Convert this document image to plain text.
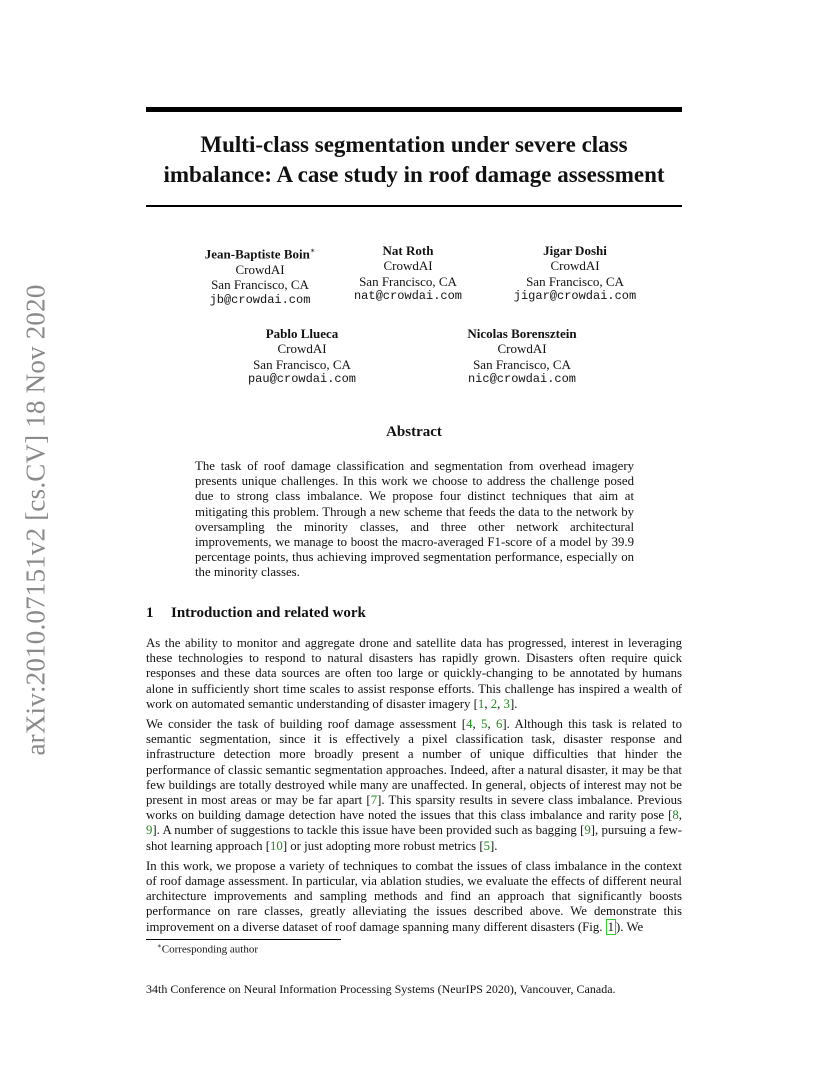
arXiv:2010.07151v2 [cs.CV] 18 Nov 2020
Multi-class segmentation under severe class
imbalance: A case study in roof damage assessment
Jean-Baptiste Boin∗
CrowdAI
San Francisco, CA
jb@crowdai.com
Nat Roth
CrowdAI
San Francisco, CA
nat@crowdai.com
Jigar Doshi
CrowdAI
San Francisco, CA
jigar@crowdai.com
Pablo Llueca
CrowdAI
San Francisco, CA
pau@crowdai.com
Nicolas Borensztein
CrowdAI
San Francisco, CA
nic@crowdai.com
Abstract
The task of roof damage classification and segmentation from overhead imagery presents unique challenges. In this work we choose to address the challenge posed due to strong class imbalance. We propose four distinct techniques that aim at mitigating this problem. Through a new scheme that feeds the data to the network by oversampling the minority classes, and three other network architectural improvements, we manage to boost the macro-averaged F1-score of a model by 39.9 percentage points, thus achieving improved segmentation performance, especially on the minority classes.
1 Introduction and related work

As the ability to monitor and aggregate drone and satellite data has progressed, interest in leveraging these technologies to respond to natural disasters has rapidly grown. Disasters often require quick responses and these data sources are often too large or quickly-changing to be annotated by humans alone in sufficiently short time scales to assist response efforts. This challenge has inspired a wealth of work on automated semantic understanding of disaster imagery [1, 2, 3].

We consider the task of building roof damage assessment [4, 5, 6]. Although this task is related to semantic segmentation, since it is effectively a pixel classification task, disaster response and infrastructure detection more broadly present a number of unique difficulties that hinder the performance of classic semantic segmentation approaches. Indeed, after a natural disaster, it may be that few buildings are totally destroyed while many are unaffected. In general, objects of interest may not be present in most areas or may be far apart [7]. This sparsity results in severe class imbalance. Previous works on building damage detection have noted the issues that this class imbalance and rarity pose [8, 9]. A number of suggestions to tackle this issue have been provided such as bagging [9], pursuing a few-shot learning approach [10] or just adopting more robust metrics [5].

In this work, we propose a variety of techniques to combat the issues of class imbalance in the context of roof damage assessment. In particular, via ablation studies, we evaluate the effects of different neural architecture improvements and sampling methods and find an approach that significantly boosts performance on rare classes, greatly alleviating the issues described above. We demonstrate this improvement on a diverse dataset of roof damage spanning many different disasters (Fig. 1 ). We

∗Corresponding author
34th Conference on Neural Information Processing Systems (NeurIPS 2020), Vancouver, Canada.
